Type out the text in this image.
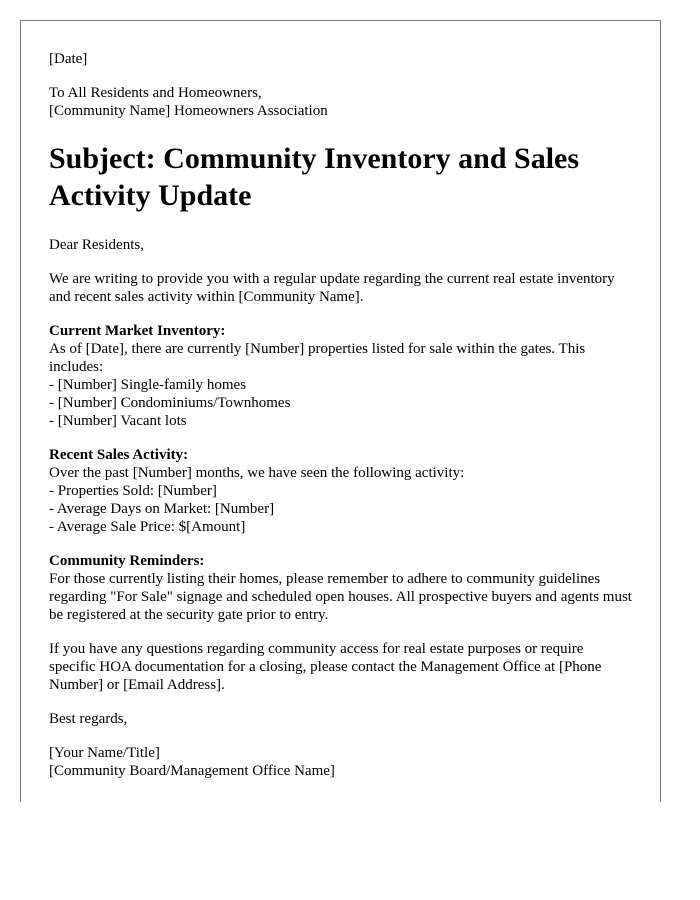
[Date]
To All Residents and Homeowners,
[Community Name] Homeowners Association
Subject: Community Inventory and Sales Activity Update
Dear Residents,
We are writing to provide you with a regular update regarding the current real estate inventory and recent sales activity within [Community Name].
Current Market Inventory:
As of [Date], there are currently [Number] properties listed for sale within the gates. This includes:
- [Number] Single-family homes
- [Number] Condominiums/Townhomes
- [Number] Vacant lots
Recent Sales Activity:
Over the past [Number] months, we have seen the following activity:
- Properties Sold: [Number]
- Average Days on Market: [Number]
- Average Sale Price: $[Amount]
Community Reminders:
For those currently listing their homes, please remember to adhere to community guidelines regarding "For Sale" signage and scheduled open houses. All prospective buyers and agents must be registered at the security gate prior to entry.
If you have any questions regarding community access for real estate purposes or require specific HOA documentation for a closing, please contact the Management Office at [Phone Number] or [Email Address].
Best regards,
[Your Name/Title]
[Community Board/Management Office Name]
